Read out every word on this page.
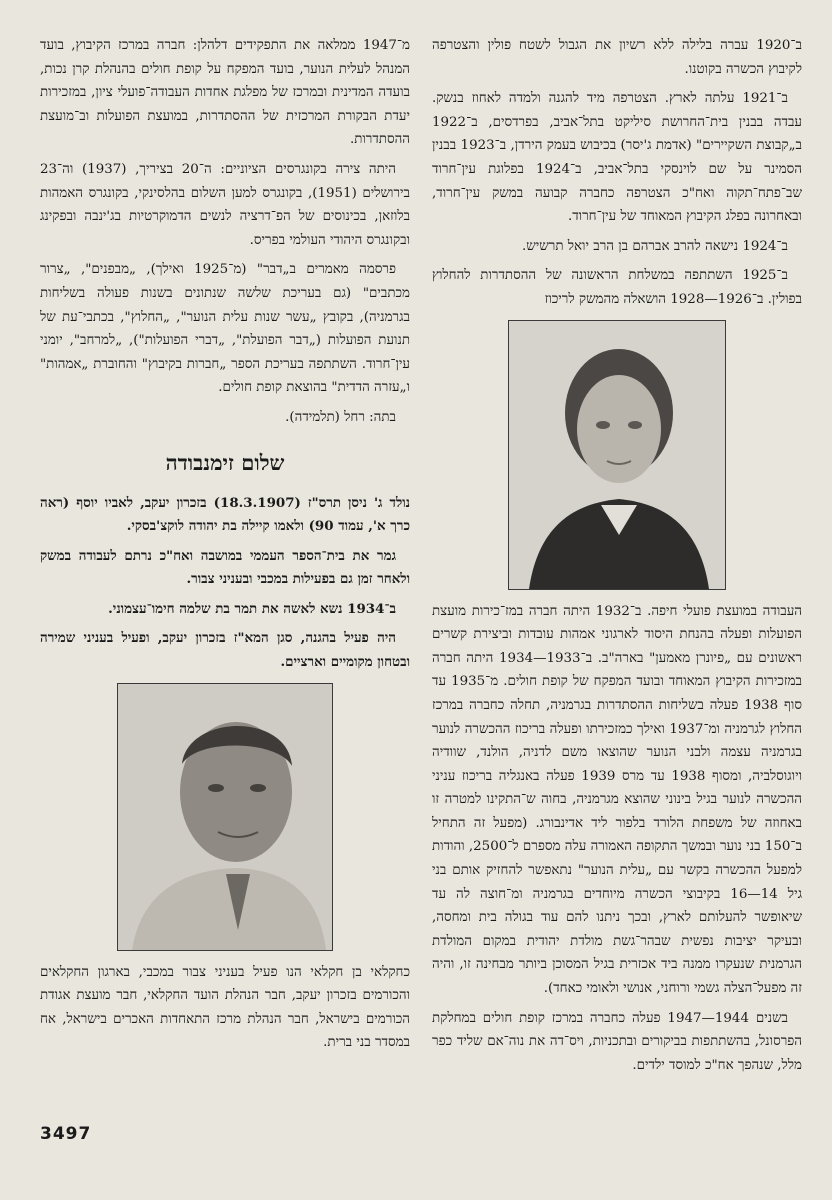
ב־1920 עברה בלילה ללא רשיון את הגבול לשטח פולין והצטרפה לקיבוץ הכשרה בקוטנו.

ב־1921 עלתה לארץ. הצטרפה מיד להגנה ולמדה לאחוז בנשק. עבדה בבנין בית־החרושת סיליקט בתל־אביב, בפרדסים, ב־1922 ב„קבוצת השקיירים" (אדמת ג'יסר) בכיבוש בעמק הירדן, ב־1923 בבנין הסמינר על שם לוינסקי בתל־אביב, ב־1924 בפלוגת עין־חרוד שב־פתח־תקוה ואח"כ הצטרפה כחברה קבועה במשק עין־חרוד, ובאחרונה בפלג הקיבוץ המאוחד של עין־חרוד.

ב־1924 נישאה להרב אברהם בן הרב יואל תרשיש.

ב־1925 השתתפה במשלחת הראשונה של ההסתדרות להחלוץ בפולין. ב־1926—1928 הושאלה מהמשק לריכוז

העבודה במועצת פועלי חיפה. ב־1932 היתה חברה במז־כירות מועצת הפועלות ופעלה בהנחת היסוד לארגוני אמהות עובדות וביצירת קשרים ראשונים עם „פיונרן מאמען" בארה"ב. ב־1933—1934 היתה חברה במזכירות הקיבוץ המאוחד ובועד המפקח של קופת חולים. מ־1935 עד סוף 1938 פעלה בשליחות ההסתדרות בגרמניה, תחלה כחברה במרכז החלוץ לגרמניה ומ־1937 ואילך כמזכירתו ופעלה בריכוז ההכשרה לנוער בגרמניה עצמה ולבני הנוער שהוצאו משם לדניה, הולנד, שוודיה ויוגוסלביה, ומסוף 1938 עד מרס 1939 פעלה באנגליה בריכוז עניני ההכשרה לנוער בגיל בינוני שהוצא מגרמניה, בחוה ש־התקינו למטרה זו באחוזה של משפחת הלורד בלפור ליד אדינבורג. (מפעל זה התחיל ב־150 בני נוער ובמשך התקופה האמורה עלה מספרם ל־2500, והודות למפעל ההכשרה בקשר עם „עלית הנוער" נתאפשר להחזיק אותם בני גיל 14—16 בקיבוצי הכשרה מיוחדים בגרמניה ומ־חוצה לה עד שיאופשר להעלותם לארץ, ובכך ניתנו להם עוד בגולה בית ומחסה, ובעיקר יציבות נפשית שבהר־גשת מולדת יהודית במקום המולדת הגרמנית שנעקרו ממנה ביד אכזרית בגיל המסוכן ביותר מבחינה זו, והיה זה מפעל־הצלה גשמי ורוחני, אנושי ולאומי כאחד).

בשנים 1944—1947 פעלה כחברה במרכז קופת חולים במחלקת הפרסונל, בהשתתפות בביקורים ובתכניות, ויס־דה את נוה־אם שליד כפר מלל, שנהפך אח"כ למוסד ילדים.

מ־1947 ממלאה את התפקידים דלהלן: חברה במרכז הקיבוץ, בועד המנהל לעלית הנוער, בועד המפקח על קופת חולים בהנהלת קרן נכות, בועדה המדינית ובמרכז של מפלגת אחדות העבודה־פועלי ציון, במזכירות יעדת הבקורת המרכזית של ההסתדרות, במועצת הפועלות וב־מועצת ההסתדרות.

היתה צירה בקונגרסים הציוניים: ה־20 בציריך, (1937) וה־23 בירושלים (1951), בקונגרס למען השלום בהלסינקי, בקונגרס האמהות בלוזאן, בכינוסים של הפ־דרציה לנשים הדמוקרטיות בג'ינבה ובפקינג ובקונגרס היהודי העולמי בפריס.

פרסמה מאמרים ב„דבר" (מ־1925 ואילך), „מבפנים", „צרור מכתבים" (גם בעריכת שלשה שנתונים בשנות פעולה בשליחות בגרמניה), בקובץ „עשר שנות עלית הנוער", „החלוץ", בכתבי־עת של תנועת הפועלות („דבר הפועלת", „דברי הפועלות"), „למרחב", יומני עין־חרוד. השתתפה בעריכת הספר „חברות בקיבוץ" והחוברת „אמהות" ו„עזרה הדדית" בהוצאת קופת חולים.

בתה: רחל (תלמידה).

שלום זימנבודה

נולד ג' ניסן תרס"ז (18.3.1907) בזכרון יעקב, לאביו יוסף (ראה כרך א', עמוד 90) ולאמו קיילה בת יהודה לוקצ'בסקי.

גמר את בית־הספר העממי במושבה ואח"כ נרתם לעבודה במשק ולאחר זמן גם בפעילות במכבי ובעניני צבור.

ב־1934 נשא לאשה את תמר בת שלמה חימו־עצמוני.

היה פעיל בהגנה, סגן המא"ז בזכרון יעקב, ופעיל בעניני שמירה ובטחון מקומיים וארציים.

כחקלאי בן חקלאי הנו פעיל בעניני צבור במכבי, בארגון החקלאים והכורמים בזכרון יעקב, חבר הנהלת הועד החקלאי, חבר מועצת אגודת הכורמים בישראל, חבר הנהלת מרכז התאחדות האכרים בישראל, אח במסדר בני ברית.

3497
